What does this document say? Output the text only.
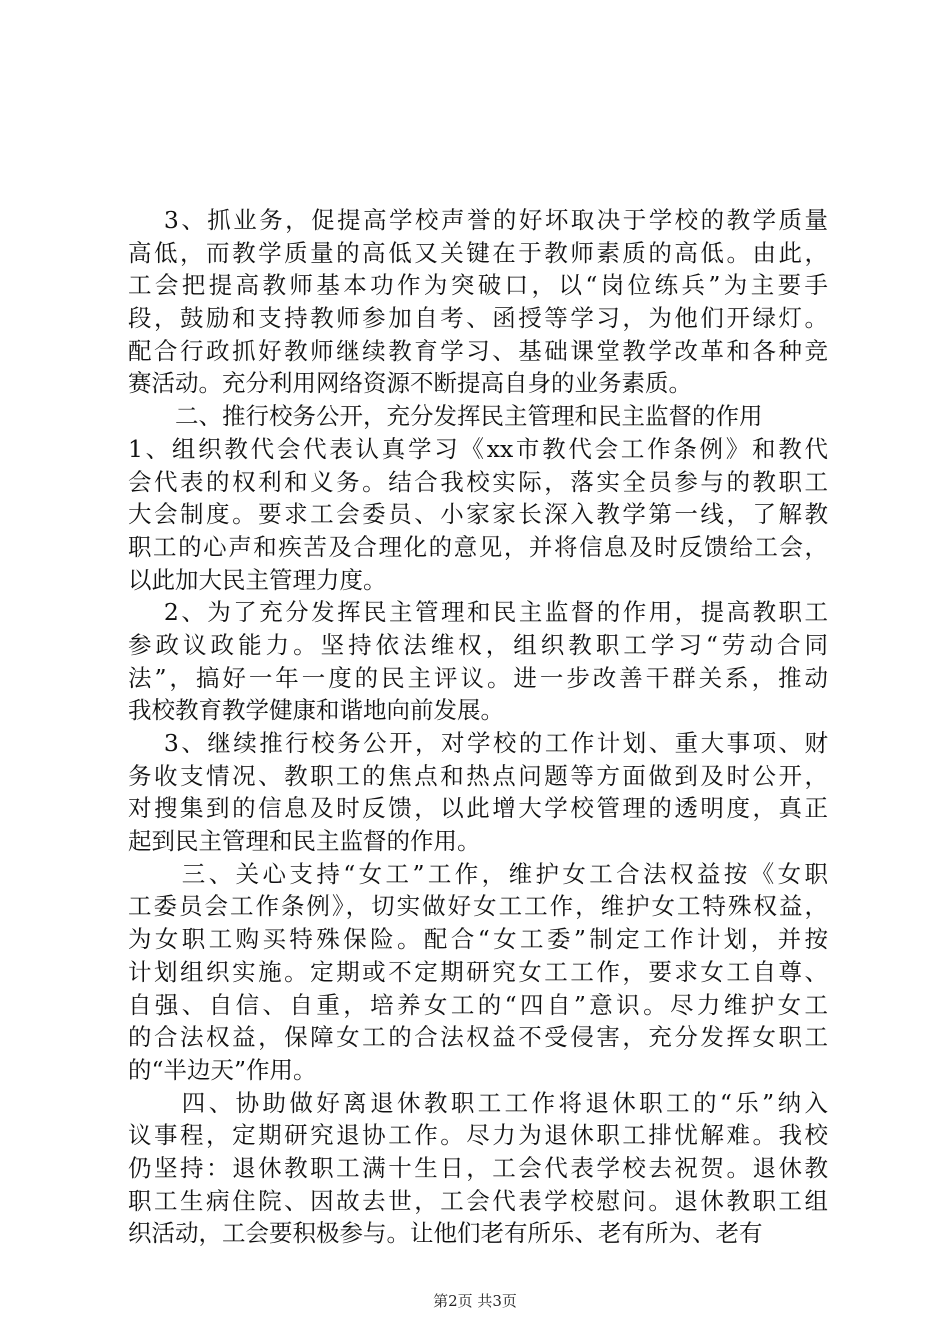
　 3、抓业务，促提高学校声誉的好坏取决于学校的教学质量
高低，而教学质量的高低又关键在于教师素质的高低。由此，
工会把提高教师基本功作为突破口，以“岗位练兵”为主要手
段，鼓励和支持教师参加自考、函授等学习，为他们开绿灯。
配合行政抓好教师继续教育学习、基础课堂教学改革和各种竞
赛活动。充分利用网络资源不断提高自身的业务素质。
　　二、推行校务公开，充分发挥民主管理和民主监督的作用
1、组织教代会代表认真学习《xx市教代会工作条例》和教代
会代表的权利和义务。结合我校实际，落实全员参与的教职工
大会制度。要求工会委员、小家家长深入教学第一线，了解教
职工的心声和疾苦及合理化的意见，并将信息及时反馈给工会，
以此加大民主管理力度。
　 2、为了充分发挥民主管理和民主监督的作用，提高教职工
参政议政能力。坚持依法维权，组织教职工学习“劳动合同
法”，搞好一年一度的民主评议。进一步改善干群关系，推动
我校教育教学健康和谐地向前发展。
　 3、继续推行校务公开，对学校的工作计划、重大事项、财
务收支情况、教职工的焦点和热点问题等方面做到及时公开，
对搜集到的信息及时反馈，以此增大学校管理的透明度，真正
起到民主管理和民主监督的作用。
　　三、关心支持“女工”工作，维护女工合法权益按《女职
工委员会工作条例》，切实做好女工工作，维护女工特殊权益，
为女职工购买特殊保险。配合“女工委”制定工作计划，并按
计划组织实施。定期或不定期研究女工工作，要求女工自尊、
自强、自信、自重，培养女工的“四自”意识。尽力维护女工
的合法权益，保障女工的合法权益不受侵害，充分发挥女职工
的“半边天”作用。
　　四、协助做好离退休教职工工作将退休职工的“乐”纳入
议事程，定期研究退协工作。尽力为退休职工排忧解难。我校
仍坚持：退休教职工满十生日，工会代表学校去祝贺。退休教
职工生病住院、因故去世，工会代表学校慰问。退休教职工组
织活动，工会要积极参与。让他们老有所乐、老有所为、老有
第2页 共3页
